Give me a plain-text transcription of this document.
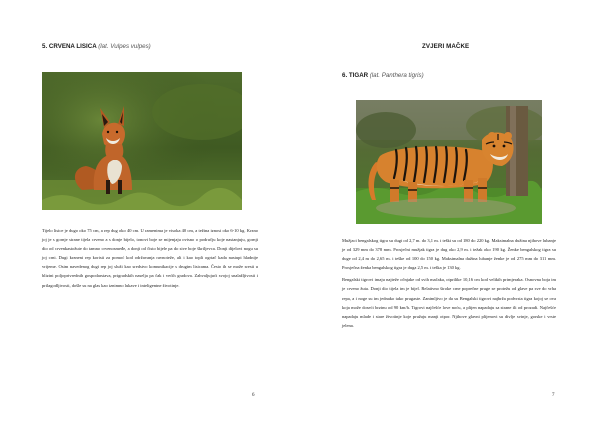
5. CRVENA LISICA (lat. Vulpes vulpes)

Tijelo lisice je dugo oko 75 cm, a rep dug oko 40 cm. U ramenima je visoka 40 cm, a težina iznosi oko 6-10 kg. Krzno joj je s gornje strane tijela crveno a s donje bijelo, tonovi boje se mijenjaju ovisno o području koje nastanjuju, gornji dio od crvenkastožute do tamno crvenosmeđe, a donji od čisto bijele pa do sive boje škriljevca. Donji dijelovi nogu su joj crni. Dugi krzneni rep koristi za pomoć kod održavanja ravnoteže, ali i kao topli ogrtač kada nastupi hladnije vrijeme. Osim navedenog dugi rep joj služi kao sredstvo komunikacije s drugim lisicama. Često ih se može sresti u blizini poljoprivrednih gospodarstava, prigradskih naselja pa čak i većih gradova. Zahvaljujući svojoj snalažljivosti i prilagodljivosti, došle su na glas kao iznimno lukave i inteligentne životinje.

6
ZVJERI MAČKE
6. TIGAR (lat. Panthera tigris)

Mužjaci bengalskog tigra su dugi od 2,7 m. do 3,1 m. i teški su od 180 do 220 kg. Maksimalna dužina njihove lubanje je od 329 mm do 378 mm. Prosječni mužjak tigra je dug oko 2,9 m. i težak oko 190 kg. Ženke bengalskog tigra su duge od 2,4 m do 2,65 m. i teške od 100 do 150 kg. Maksimalna dužina lubanje ženke je od 275 mm do 311 mm. Prosječna ženka bengalskog tigra je duga 2,5 m. i teška je 130 kg.

Bengalski tigrovi imaju najteže očnjake od svih mačaka, otprilike 10,16 cm kod velikih primjeraka. Osnovna boja im je crveno žuta. Donji dio tijela im je bijel. Relativno široke crne poprečne pruge se protežu od glave pa sve do vrha repa, a i noge su im jednako tako prugaste. Zanimljivo je da su Bengalski tigrovi najbrža podvrsta tigra kojoj se ova koja može doseći brzinu od 90 km/h. Tigrovi najčešće love noću, a plijen napadaju sa strane ili od prozadi. Najčešće napadaju mlade i stare životinje koje pružaju manji otpor. Njihove glavni plijenovi su divlje svinje, gorske i vrste jelena.

7
